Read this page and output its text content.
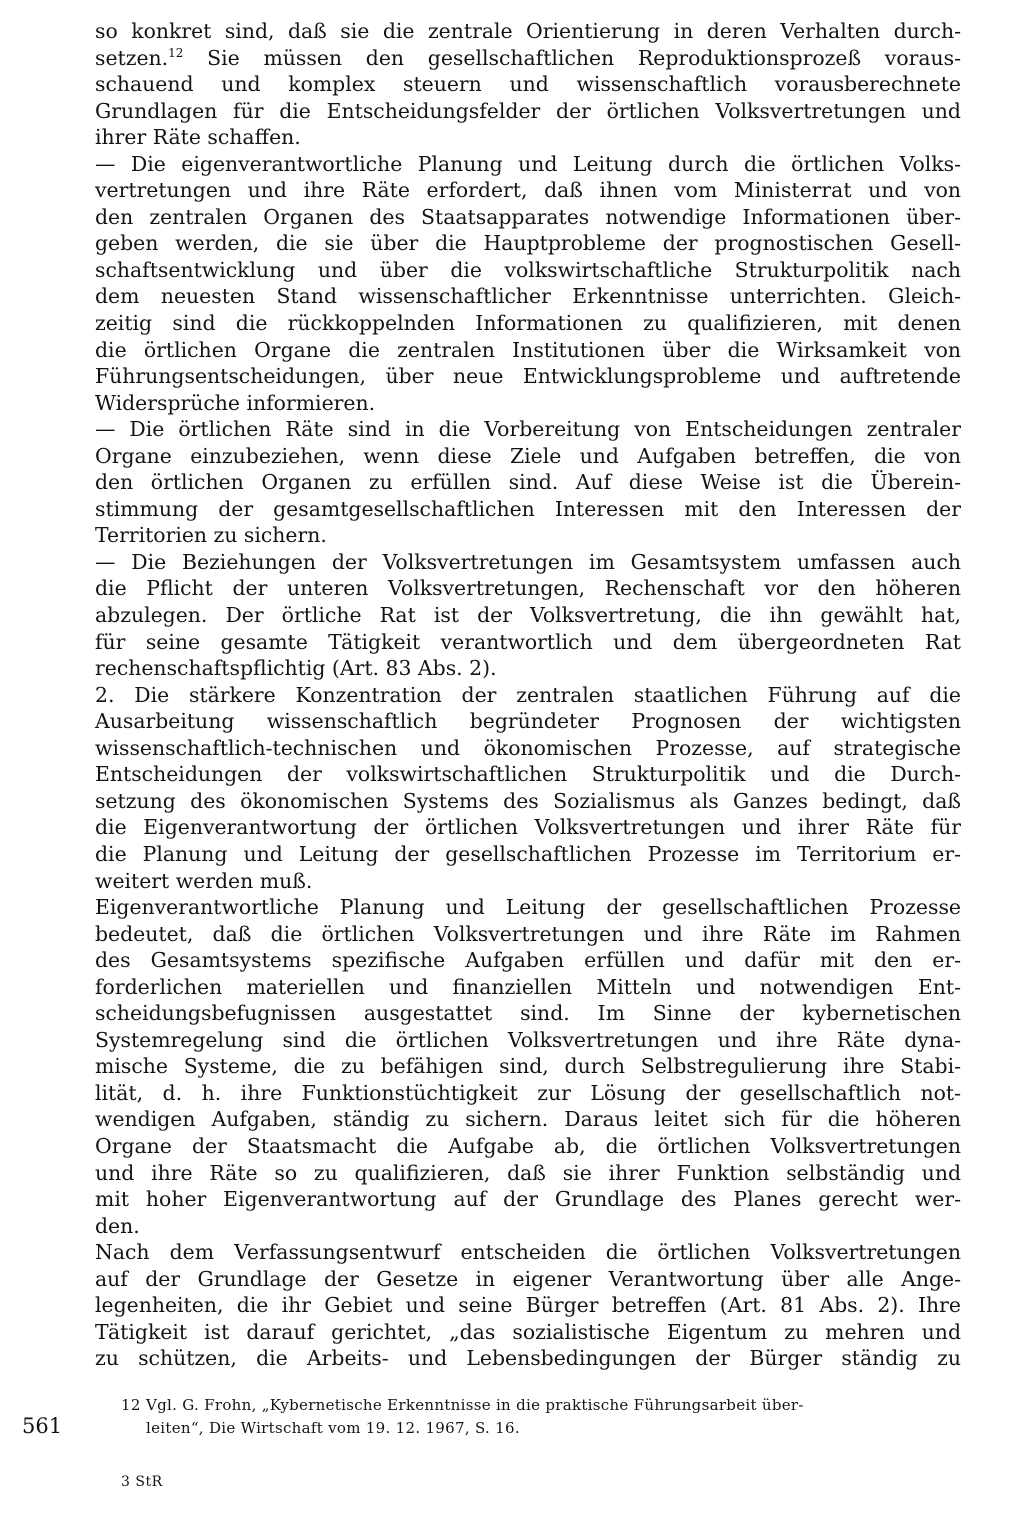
so konkret sind, daß sie die zentrale Orientierung in deren Verhalten durch-
setzen.$^{12}$ Sie müssen den gesellschaftlichen Reproduktionsprozeß voraus-
schauend und komplex steuern und wissenschaftlich vorausberechnete
Grundlagen für die Entscheidungsfelder der örtlichen Volksvertretungen und
ihrer Räte schaffen.
— Die eigenverantwortliche Planung und Leitung durch die örtlichen Volks-
vertretungen und ihre Räte erfordert, daß ihnen vom Ministerrat und von
den zentralen Organen des Staatsapparates notwendige Informationen über-
geben werden, die sie über die Hauptprobleme der prognostischen Gesell-
schaftsentwicklung und über die volkswirtschaftliche Strukturpolitik nach
dem neuesten Stand wissenschaftlicher Erkenntnisse unterrichten. Gleich-
zeitig sind die rückkoppelnden Informationen zu qualifizieren, mit denen
die örtlichen Organe die zentralen Institutionen über die Wirksamkeit von
Führungsentscheidungen, über neue Entwicklungsprobleme und auftretende
Widersprüche informieren.
— Die örtlichen Räte sind in die Vorbereitung von Entscheidungen zentraler
Organe einzubeziehen, wenn diese Ziele und Aufgaben betreffen, die von
den örtlichen Organen zu erfüllen sind. Auf diese Weise ist die Überein-
stimmung der gesamtgesellschaftlichen Interessen mit den Interessen der
Territorien zu sichern.
— Die Beziehungen der Volksvertretungen im Gesamtsystem umfassen auch
die Pflicht der unteren Volksvertretungen, Rechenschaft vor den höheren
abzulegen. Der örtliche Rat ist der Volksvertretung, die ihn gewählt hat,
für seine gesamte Tätigkeit verantwortlich und dem übergeordneten Rat
rechenschaftspflichtig (Art. 83 Abs. 2).
2. Die stärkere Konzentration der zentralen staatlichen Führung auf die
Ausarbeitung wissenschaftlich begründeter Prognosen der wichtigsten
wissenschaftlich-technischen und ökonomischen Prozesse, auf strategische
Entscheidungen der volkswirtschaftlichen Strukturpolitik und die Durch-
setzung des ökonomischen Systems des Sozialismus als Ganzes bedingt, daß
die Eigenverantwortung der örtlichen Volksvertretungen und ihrer Räte für
die Planung und Leitung der gesellschaftlichen Prozesse im Territorium er-
weitert werden muß.
Eigenverantwortliche Planung und Leitung der gesellschaftlichen Prozesse
bedeutet, daß die örtlichen Volksvertretungen und ihre Räte im Rahmen
des Gesamtsystems spezifische Aufgaben erfüllen und dafür mit den er-
forderlichen materiellen und finanziellen Mitteln und notwendigen Ent-
scheidungsbefugnissen ausgestattet sind. Im Sinne der kybernetischen
Systemregelung sind die örtlichen Volksvertretungen und ihre Räte dyna-
mische Systeme, die zu befähigen sind, durch Selbstregulierung ihre Stabi-
lität, d. h. ihre Funktionstüchtigkeit zur Lösung der gesellschaftlich not-
wendigen Aufgaben, ständig zu sichern. Daraus leitet sich für die höheren
Organe der Staatsmacht die Aufgabe ab, die örtlichen Volksvertretungen
und ihre Räte so zu qualifizieren, daß sie ihrer Funktion selbständig und
mit hoher Eigenverantwortung auf der Grundlage des Planes gerecht wer-
den.
Nach dem Verfassungsentwurf entscheiden die örtlichen Volksvertretungen
auf der Grundlage der Gesetze in eigener Verantwortung über alle Ange-
legenheiten, die ihr Gebiet und seine Bürger betreffen (Art. 81 Abs. 2). Ihre
Tätigkeit ist darauf gerichtet, „das sozialistische Eigentum zu mehren und
zu schützen, die Arbeits- und Lebensbedingungen der Bürger ständig zu
561
12 Vgl. G. Frohn, „Kybernetische Erkenntnisse in die praktische Führungsarbeit über-
leiten“, Die Wirtschaft vom 19. 12. 1967, S. 16.
3 StR
